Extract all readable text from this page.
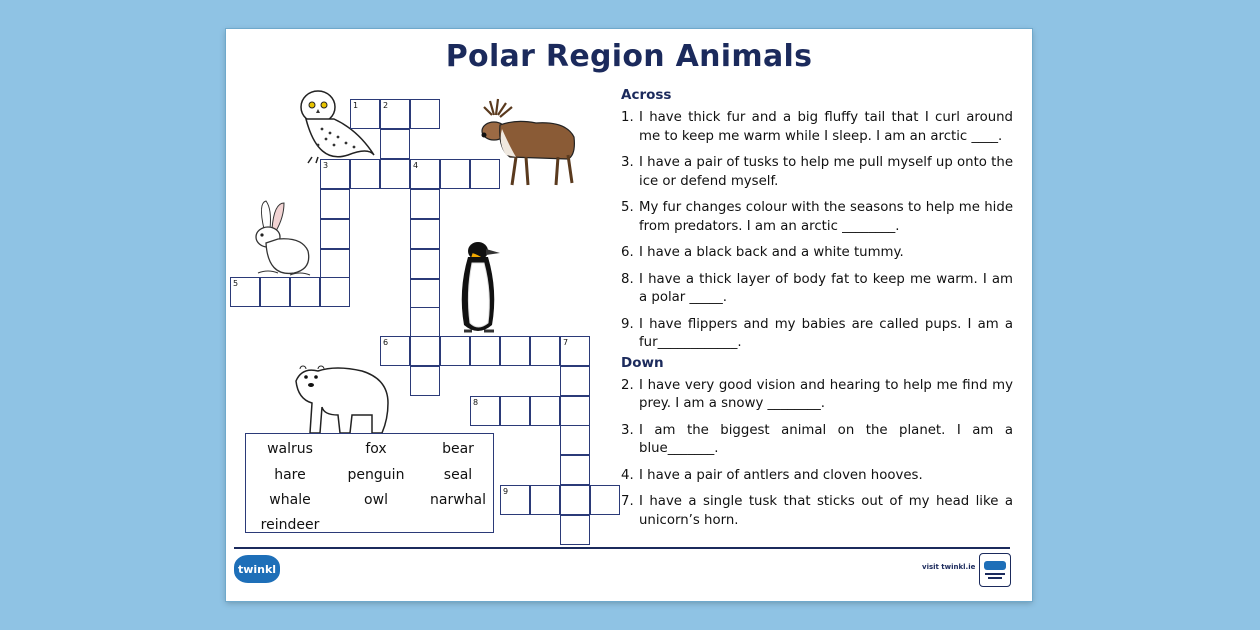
Polar Region Animals
1	2
3	4
5
6	7
8
9
walrus	fox	bear
hare	penguin	seal
whale	owl	narwhal
reindeer
Across
1. I have thick fur and a big fluffy tail that I curl around me to keep me warm while I sleep. I am an arctic ____.
3. I have a pair of tusks to help me pull myself up onto the ice or defend myself.
5. My fur changes colour with the seasons to help me hide from predators. I am an arctic ________.
6. I have a black back and a white tummy.
8. I have a thick layer of body fat to keep me warm. I am a polar _____.
9. I have flippers and my babies are called pups. I am a fur____________.
Down
2. I have very good vision and hearing to help me find my prey. I am a snowy ________.
3. I am the biggest animal on the planet. I am a blue_______.
4. I have a pair of antlers and cloven hooves.
7. I have a single tusk that sticks out of my head like a unicorn’s horn.
twinkl	visit twinkl.ie
